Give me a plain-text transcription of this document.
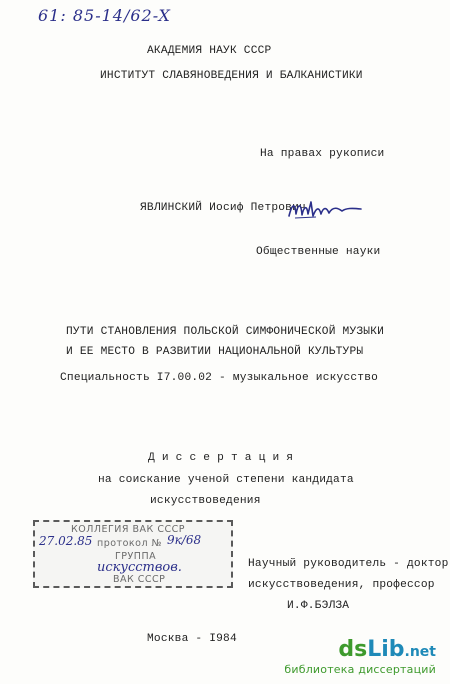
61: 85-14/62-X
АКАДЕМИЯ НАУК СССР
ИНСТИТУТ СЛАВЯНОВЕДЕНИЯ И БАЛКАНИСТИКИ
На правах рукописи
ЯВЛИНСКИЙ Иосиф Петрович
Общественные науки
ПУТИ СТАНОВЛЕНИЯ ПОЛЬСКОЙ СИМФОНИЧЕСКОЙ МУЗЫКИ
И ЕЕ МЕСТО В РАЗВИТИИ НАЦИОНАЛЬНОЙ КУЛЬТУРЫ
Специальность I7.00.02 - музыкальное искусство
Д и с с е р т а ц и я
на соискание ученой степени кандидата
искусствоведения
КОЛЛЕГИЯ ВАК СССР
27.02.85 протокол № 9к/68
ГРУППА
искусствов.
ВАК СССР
Научный руководитель - доктор
искусствоведения, профессор
И.Ф.БЭЛЗА
Москва - I984	dsLib.net
библиотека диссертаций
